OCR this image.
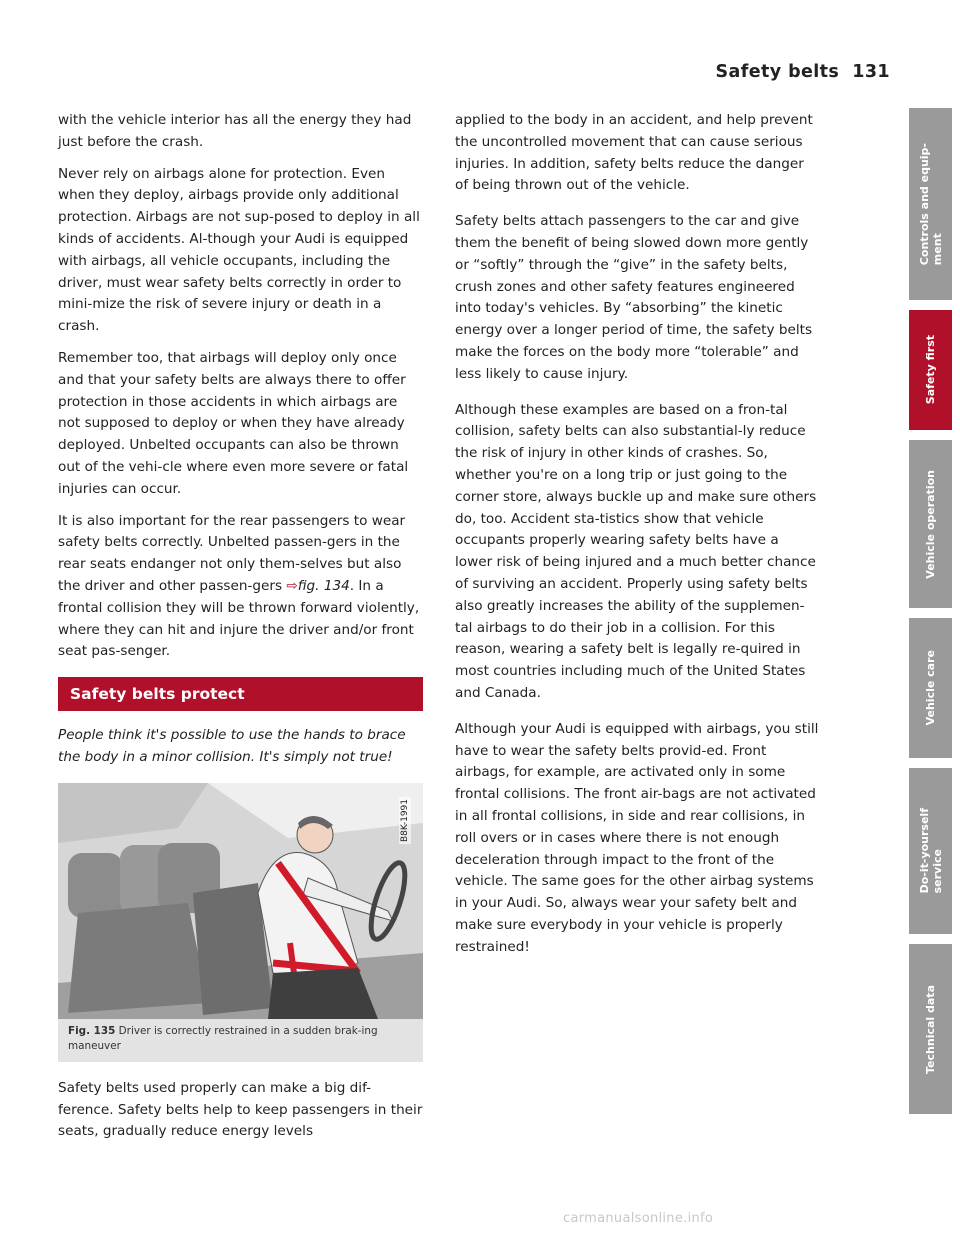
Safety belts 131

with the vehicle interior has all the energy they had just before the crash.

Never rely on airbags alone for protection. Even when they deploy, airbags provide only additional protection. Airbags are not sup-posed to deploy in all kinds of accidents. Al-though your Audi is equipped with airbags, all vehicle occupants, including the driver, must wear safety belts correctly in order to mini-mize the risk of severe injury or death in a crash.

Remember too, that airbags will deploy only once and that your safety belts are always there to offer protection in those accidents in which airbags are not supposed to deploy or when they have already deployed. Unbelted occupants can also be thrown out of the vehi-cle where even more severe or fatal injuries can occur.

It is also important for the rear passengers to wear safety belts correctly. Unbelted passen-gers in the rear seats endanger not only them-selves but also the driver and other passen-gers ⇨fig. 134. In a frontal collision they will be thrown forward violently, where they can hit and injure the driver and/or front seat pas-senger.

Safety belts protect

People think it's possible to use the hands to brace the body in a minor collision. It's simply not true!

B8K-1991
Fig. 135 Driver is correctly restrained in a sudden brak-ing maneuver

Safety belts used properly can make a big dif-ference. Safety belts help to keep passengers in their seats, gradually reduce energy levels

applied to the body in an accident, and help prevent the uncontrolled movement that can cause serious injuries. In addition, safety belts reduce the danger of being thrown out of the vehicle.

Safety belts attach passengers to the car and give them the benefit of being slowed down more gently or “softly” through the “give” in the safety belts, crush zones and other safety features engineered into today's vehicles. By “absorbing” the kinetic energy over a longer period of time, the safety belts make the forces on the body more “tolerable” and less likely to cause injury.

Although these examples are based on a fron-tal collision, safety belts can also substantial-ly reduce the risk of injury in other kinds of crashes. So, whether you're on a long trip or just going to the corner store, always buckle up and make sure others do, too. Accident sta-tistics show that vehicle occupants properly wearing safety belts have a lower risk of being injured and a much better chance of surviving an accident. Properly using safety belts also greatly increases the ability of the supplemen-tal airbags to do their job in a collision. For this reason, wearing a safety belt is legally re-quired in most countries including much of the United States and Canada.

Although your Audi is equipped with airbags, you still have to wear the safety belts provid-ed. Front airbags, for example, are activated only in some frontal collisions. The front air-bags are not activated in all frontal collisions, in side and rear collisions, in roll overs or in cases where there is not enough deceleration through impact to the front of the vehicle. The same goes for the other airbag systems in your Audi. So, always wear your safety belt and make sure everybody in your vehicle is properly restrained!

Controls and equip-
ment
Safety first
Vehicle operation
Vehicle care
Do-it-yourself
service
Technical data
carmanualsonline.info
